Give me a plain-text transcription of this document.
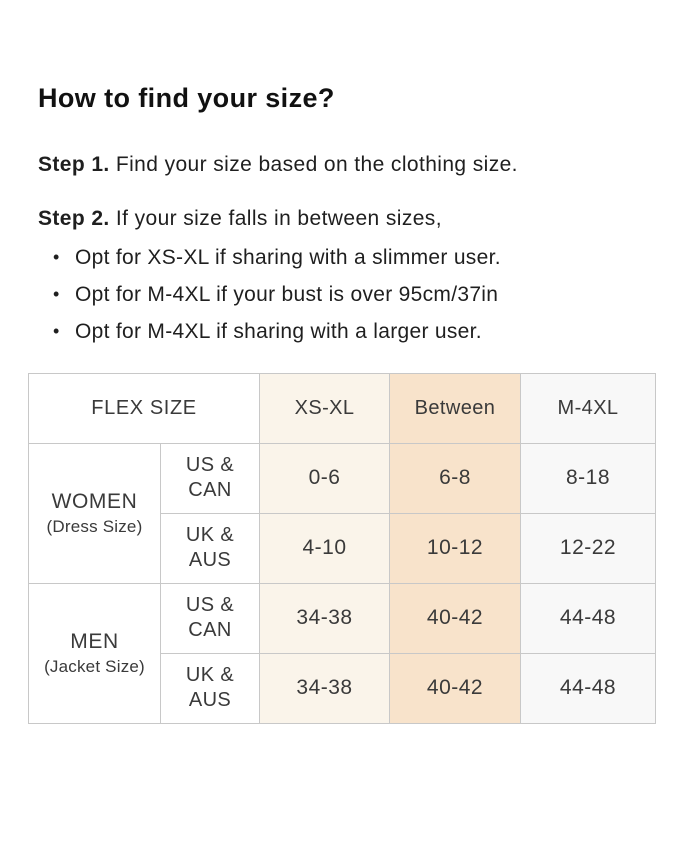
How to find your size?

Step 1. Find your size based on the clothing size.

Step 2. If your size falls in between sizes,

• Opt for XS-XL if sharing with a slimmer user.
• Opt for M-4XL if your bust is over 95cm/37in
• Opt for M-4XL if sharing with a larger user.
FLEX SIZE		XS-XL	Between	M-4XL

WOMEN
(Dress Size)	US & CAN	0-6	6-8	8-18
	UK & AUS	4-10	10-12	12-22

MEN
(Jacket Size)	US & CAN	34-38	40-42	44-48
	UK & AUS	34-38	40-42	44-48
